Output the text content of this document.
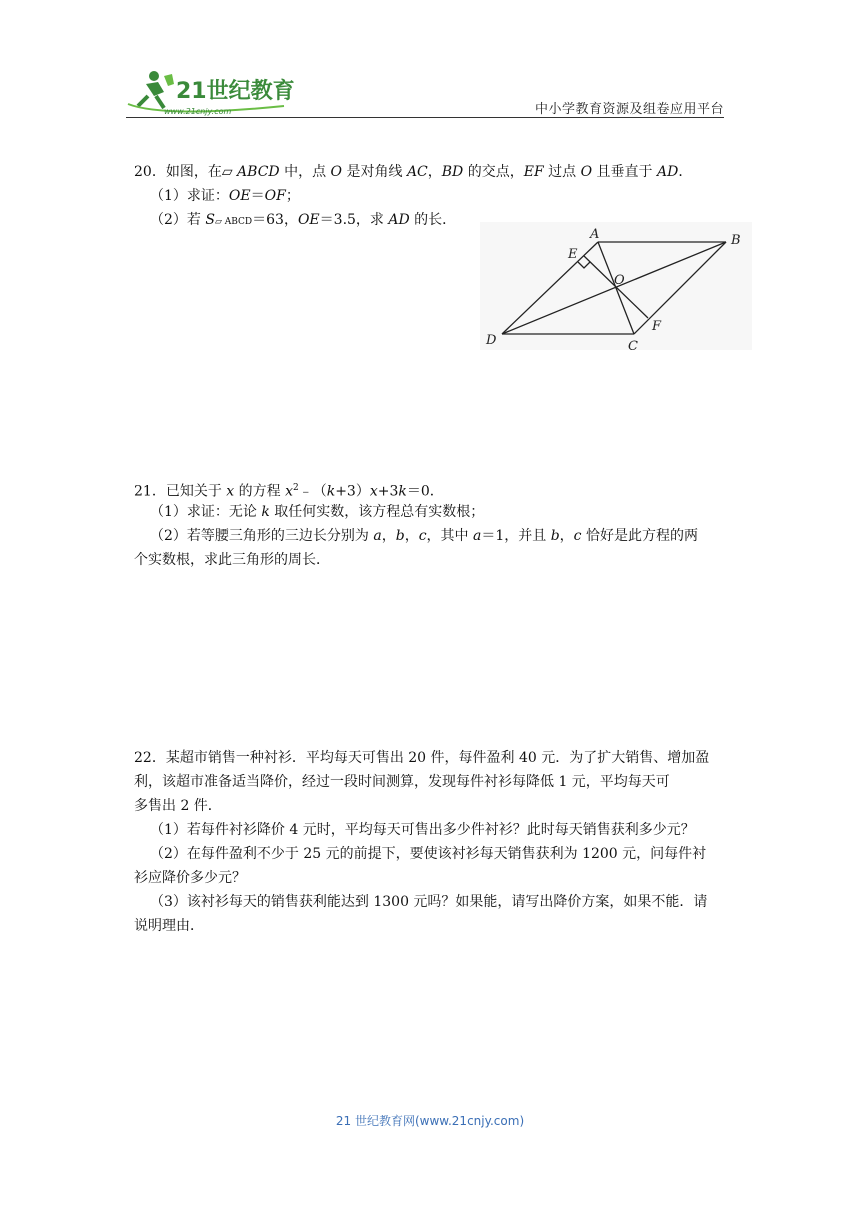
21世纪教育
www.21cnjy.com	中小学教育资源及组卷应用平台
20．如图，在▱ ABCD 中，点 O 是对角线 AC，BD 的交点，EF 过点 O 且垂直于 AD．
（1）求证：OE＝OF；
（2）若 S▱ ABCD＝63，OE＝3.5，求 AD 的长．
A	B
C
D
E
F
O
21．已知关于 x 的方程 $x^2﹣(k+3)x+3k=0$．
（1）求证：无论 k 取任何实数，该方程总有实数根；
（2）若等腰三角形的三边长分别为 a，b，c，其中 a＝1，并且 b，c 恰好是此方程的两
个实数根，求此三角形的周长．
22．某超市销售一种衬衫．平均每天可售出 20 件，每件盈利 40 元．为了扩大销售、增加盈
利，该超市准备适当降价，经过一段时间测算，发现每件衬衫每降低 1 元，平均每天可
多售出 2 件．
（1）若每件衬衫降价 4 元时，平均每天可售出多少件衬衫？此时每天销售获利多少元？
（2）在每件盈利不少于 25 元的前提下，要使该衬衫每天销售获利为 1200 元，问每件衬
衫应降价多少元？
（3）该衬衫每天的销售获利能达到 1300 元吗？如果能，请写出降价方案，如果不能．请
说明理由．
21 世纪教育网(www.21cnjy.com)
